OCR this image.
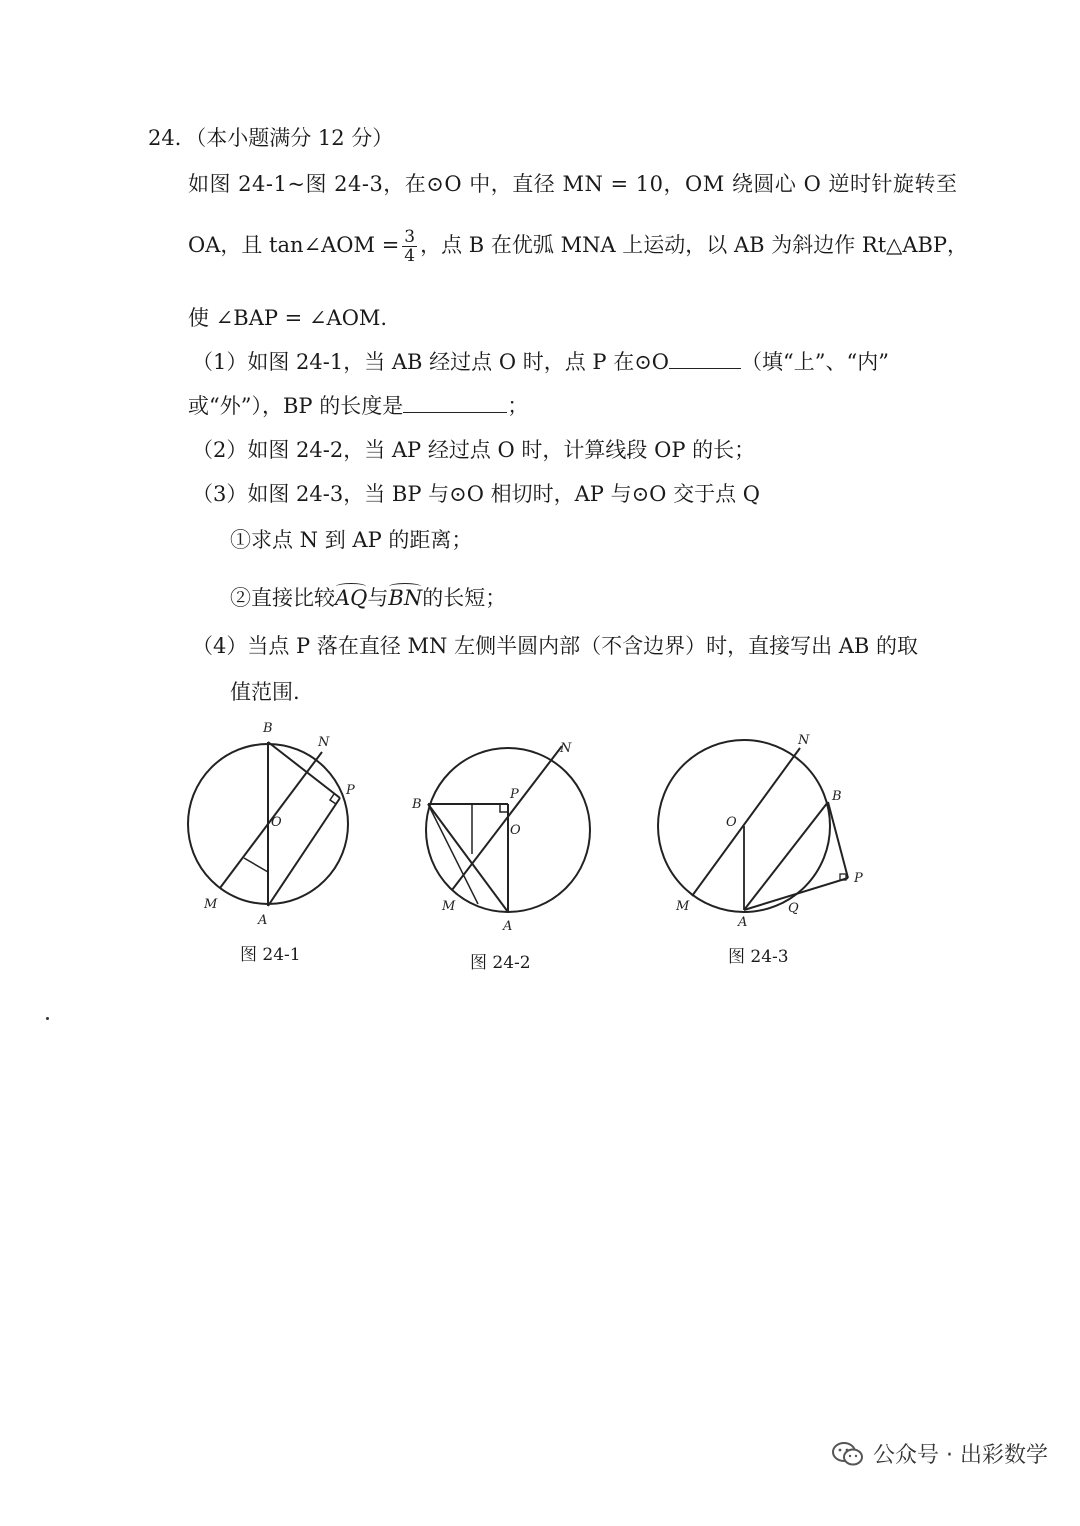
24．（本小题满分 12 分）
如图 24-1~图 24-3，在⊙O 中，直径 MN = 10，OM 绕圆心 O 逆时针旋转至
OA，且 tan∠AOM = $\frac{3}{4}$ ，点 B 在优弧 MNA 上运动，以 AB 为斜边作 Rt△ABP，
使 ∠BAP = ∠AOM.
（1）如图 24-1，当 AB 经过点 O 时，点 P 在⊙O	（填“上”、“内”
或“外”），BP 的长度是	；
（2）如图 24-2，当 AP 经过点 O 时，计算线段 OP 的长；
（3）如图 24-3，当 BP 与⊙O 相切时，AP 与⊙O 交于点 Q
①求点 N 到 AP 的距离；
②直接比较AQ与BN的长短；
（4）当点 P 落在直径 MN 左侧半圆内部（不含边界）时，直接写出 AB 的取
值范围.
B
N
P
O
M
A
图 24-1
B
N
P
O
M
A
图 24-2
N
B
O
P
M	Q
A
图 24-3
公众号 · 出彩数学
